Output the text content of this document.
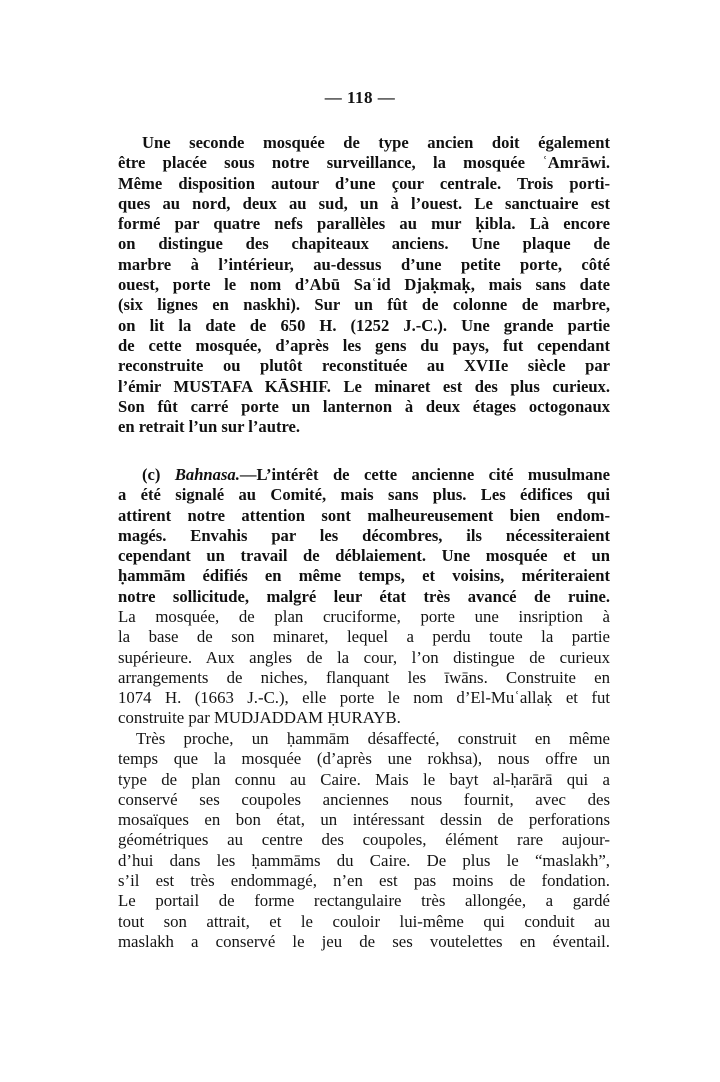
— 118 —
Une seconde mosquée de type ancien doit également
être placée sous notre surveillance, la mosquée ʿAmrāwi.
Même disposition autour d’une çour centrale. Trois porti-
ques au nord, deux au sud, un à l’ouest. Le sanctuaire est
formé par quatre nefs parallèles au mur ḳibla. Là encore
on distingue des chapiteaux anciens. Une plaque de
marbre à l’intérieur, au-dessus d’une petite porte, côté
ouest, porte le nom d’Abū Saʿid Djaḳmaḳ, mais sans date
(six lignes en naskhi). Sur un fût de colonne de marbre,
on lit la date de 650 H. (1252 J.-C.). Une grande partie
de cette mosquée, d’après les gens du pays, fut cependant
reconstruite ou plutôt reconstituée au XVIIe siècle par
l’émir MUSTAFA KĀSHIF. Le minaret est des plus curieux.
Son fût carré porte un lanternon à deux étages octogonaux
en retrait l’un sur l’autre.
(c) Bahnasa.—L’intérêt de cette ancienne cité musulmane
a été signalé au Comité, mais sans plus. Les édifices qui
attirent notre attention sont malheureusement bien endom-
magés. Envahis par les décombres, ils nécessiteraient
cependant un travail de déblaiement. Une mosquée et un
ḥammām édifiés en même temps, et voisins, mériteraient
notre sollicitude, malgré leur état très avancé de ruine.
La mosquée, de plan cruciforme, porte une insription à
la base de son minaret, lequel a perdu toute la partie
supérieure. Aux angles de la cour, l’on distingue de curieux
arrangements de niches, flanquant les īwāns. Construite en
1074 H. (1663 J.-C.), elle porte le nom d’El-Muʿallaḳ et fut
construite par MUDJADDAM ḤURAYB.
Très proche, un ḥammām désaffecté, construit en même
temps que la mosquée (d’après une rokhsa), nous offre un
type de plan connu au Caire. Mais le bayt al-ḥarārā qui a
conservé ses coupoles anciennes nous fournit, avec des
mosaïques en bon état, un intéressant dessin de perforations
géométriques au centre des coupoles, élément rare aujour-
d’hui dans les ḥammāms du Caire. De plus le “maslakh”,
s’il est très endommagé, n’en est pas moins de fondation.
Le portail de forme rectangulaire très allongée, a gardé
tout son attrait, et le couloir lui-même qui conduit au
maslakh a conservé le jeu de ses voutelettes en éventail.
